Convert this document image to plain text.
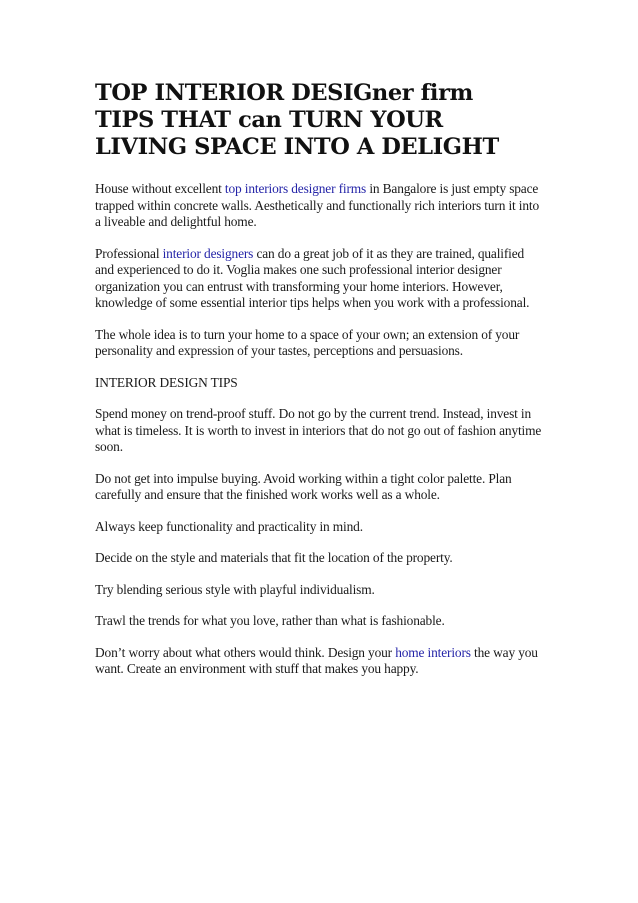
TOP INTERIOR DESIGner firm
TIPS THAT can TURN YOUR
LIVING SPACE INTO A DELIGHT

House without excellent top interiors designer firms in Bangalore is just empty space trapped within concrete walls. Aesthetically and functionally rich interiors turn it into a liveable and delightful home.

Professional interior designers can do a great job of it as they are trained, qualified and experienced to do it. Voglia makes one such professional interior designer organization you can entrust with transforming your home interiors. However, knowledge of some essential interior tips helps when you work with a professional.

The whole idea is to turn your home to a space of your own; an extension of your personality and expression of your tastes, perceptions and persuasions.

INTERIOR DESIGN TIPS

Spend money on trend-proof stuff. Do not go by the current trend. Instead, invest in what is timeless. It is worth to invest in interiors that do not go out of fashion anytime soon.

Do not get into impulse buying. Avoid working within a tight color palette. Plan carefully and ensure that the finished work works well as a whole.

Always keep functionality and practicality in mind.

Decide on the style and materials that fit the location of the property.

Try blending serious style with playful individualism.

Trawl the trends for what you love, rather than what is fashionable.

Don’t worry about what others would think. Design your home interiors the way you want. Create an environment with stuff that makes you happy.
